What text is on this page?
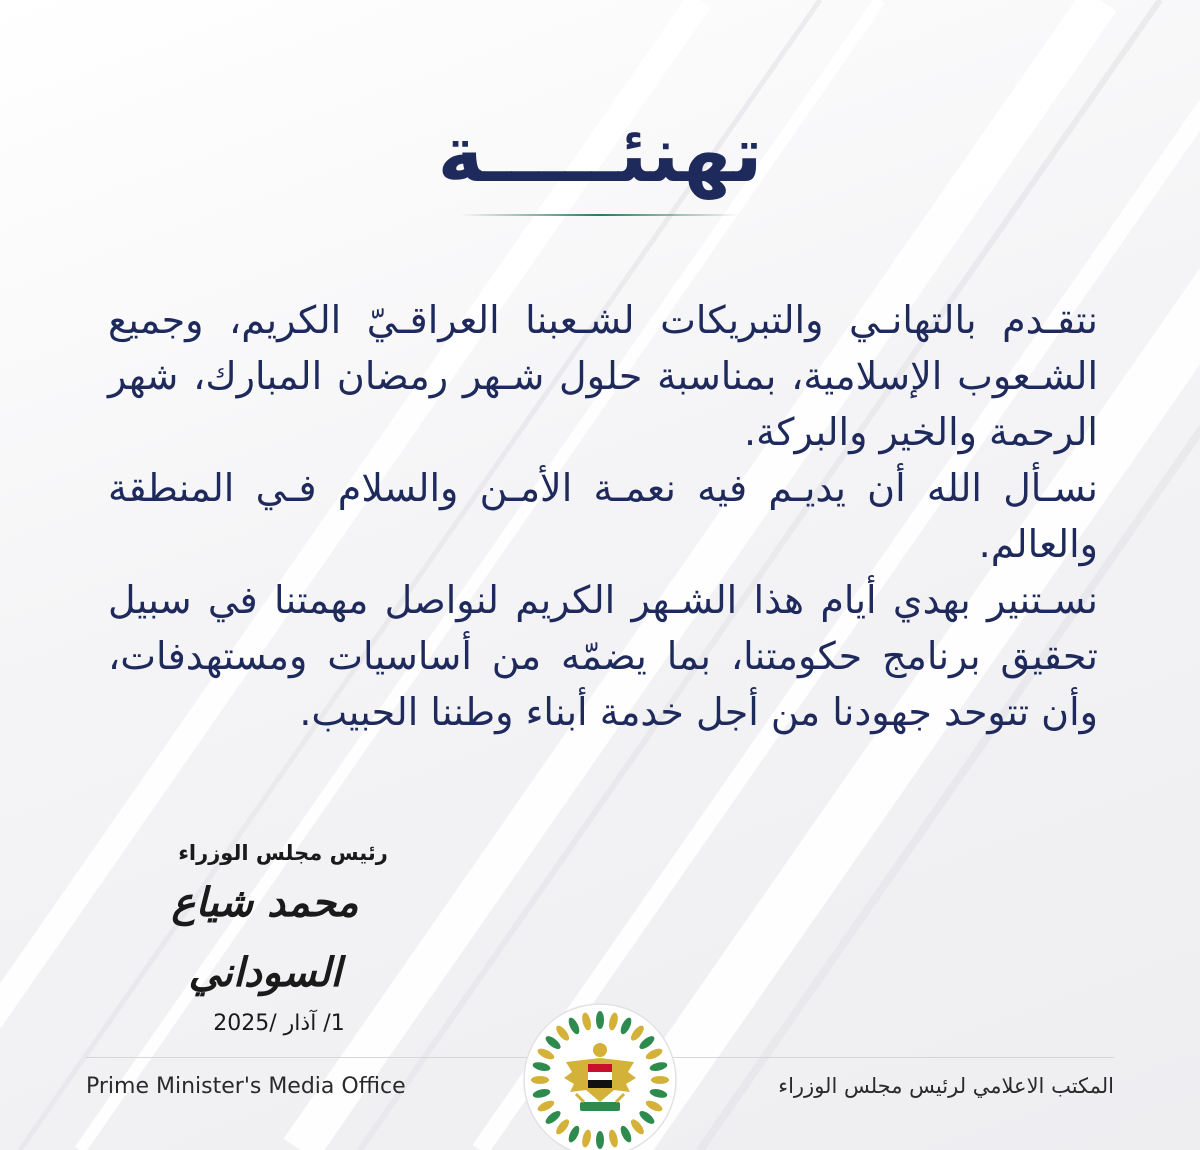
تهنئـــــة

نتقـدم بالتهانـي والتبريكات لشـعبنا العراقـيّ الكريم، وجميع الشـعوب الإسلامية، بمناسبة حلول شـهر رمضان المبارك، شهر الرحمة والخير والبركة.

نسـأل الله أن يديـم فيه نعمـة الأمـن والسلام فـي المنطقة والعالم.

نسـتنير بهدي أيام هذا الشـهر الكريم لنواصل مهمتنا في سبيل تحقيق برنامج حكومتنا، بما يضمّه من أساسيات ومستهدفات، وأن تتوحد جهودنا من أجل خدمة أبناء وطننا الحبيب.

رئيس مجلس الوزراء
محمد شياع السوداني
1/ آذار /2025
Prime Minister's Media Office	المكتب الاعلامي لرئيس مجلس الوزراء
